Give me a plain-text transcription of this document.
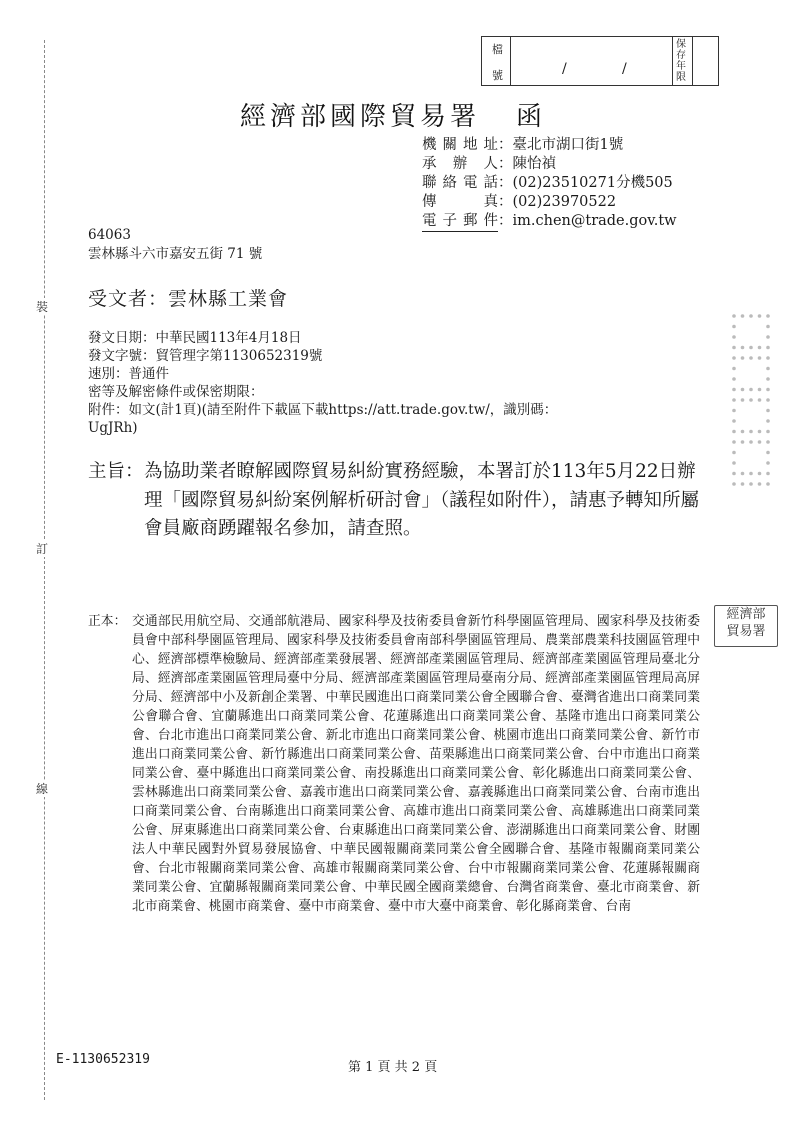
裝
訂
線
檔
號	/	/
保存年限
經濟部國際貿易署 函
機關地址：臺北市湖口街1號
承辦人：陳怡禎
聯絡電話：(02)23510271分機505
傳真：(02)23970522
電子郵件：im.chen@trade.gov.tw
64063
雲林縣斗六市嘉安五街 71 號
受文者：雲林縣工業會
發文日期：中華民國113年4月18日
發文字號：貿管理字第1130652319號
速別：普通件
密等及解密條件或保密期限：
附件：如文(計1頁)(請至附件下載區下載https://att.trade.gov.tw/，識別碼：
UgJRh)
主旨： 為協助業者瞭解國際貿易糾紛實務經驗，本署訂於113年5月22日辦理「國際貿易糾紛案例解析研討會」（議程如附件），請惠予轉知所屬會員廠商踴躍報名參加，請查照。
經濟部
貿易署
正本： 交通部民用航空局、交通部航港局、國家科學及技術委員會新竹科學園區管理局、國家科學及技術委員會中部科學園區管理局、國家科學及技術委員會南部科學園區管理局、農業部農業科技園區管理中心、經濟部標準檢驗局、經濟部產業發展署、經濟部產業園區管理局、經濟部產業園區管理局臺北分局、經濟部產業園區管理局臺中分局、經濟部產業園區管理局臺南分局、經濟部產業園區管理局高屏分局、經濟部中小及新創企業署、中華民國進出口商業同業公會全國聯合會、臺灣省進出口商業同業公會聯合會、宜蘭縣進出口商業同業公會、花蓮縣進出口商業同業公會、基隆市進出口商業同業公會、台北市進出口商業同業公會、新北市進出口商業同業公會、桃園市進出口商業同業公會、新竹市進出口商業同業公會、新竹縣進出口商業同業公會、苗栗縣進出口商業同業公會、台中市進出口商業同業公會、臺中縣進出口商業同業公會、南投縣進出口商業同業公會、彰化縣進出口商業同業公會、雲林縣進出口商業同業公會、嘉義市進出口商業同業公會、嘉義縣進出口商業同業公會、台南市進出口商業同業公會、台南縣進出口商業同業公會、高雄市進出口商業同業公會、高雄縣進出口商業同業公會、屏東縣進出口商業同業公會、台東縣進出口商業同業公會、澎湖縣進出口商業同業公會、財團法人中華民國對外貿易發展協會、中華民國報關商業同業公會全國聯合會、基隆市報關商業同業公會、台北市報關商業同業公會、高雄市報關商業同業公會、台中市報關商業同業公會、花蓮縣報關商業同業公會、宜蘭縣報關商業同業公會、中華民國全國商業總會、台灣省商業會、臺北市商業會、新北市商業會、桃園市商業會、臺中市商業會、臺中市大臺中商業會、彰化縣商業會、台南
E-1130652319
第 1 頁 共 2 頁
